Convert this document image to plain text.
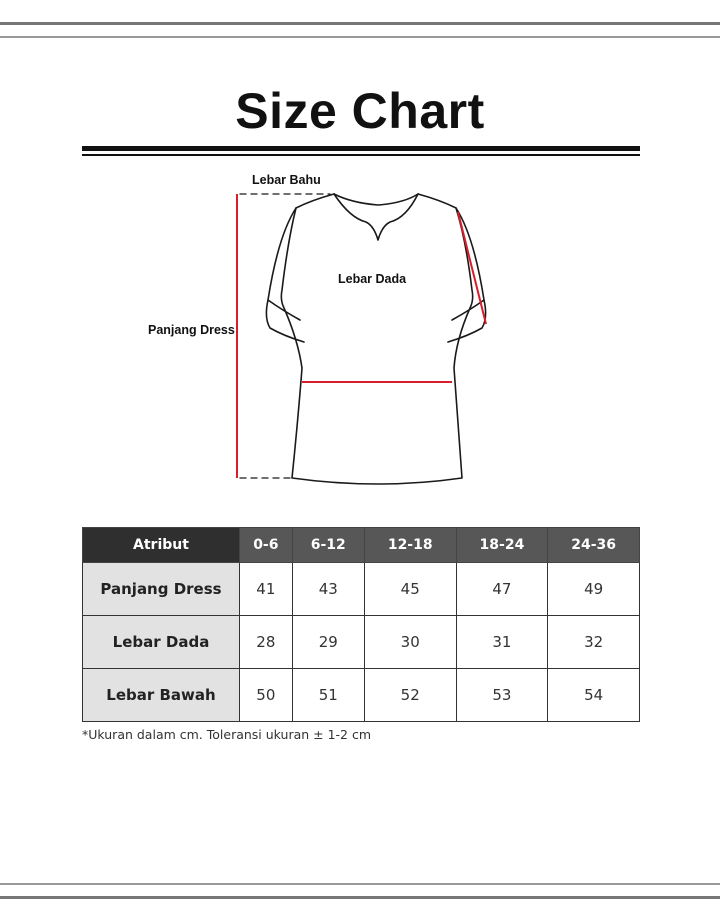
Size Chart
Lebar Bahu
Lebar Dada
Panjang Dress
Atribut	0-6	6-12	12-18	18-24	24-36
Panjang Dress	41	43	45	47	49
Lebar Dada	28	29	30	31	32
Lebar Bawah	50	51	52	53	54
*Ukuran dalam cm. Toleransi ukuran ± 1-2 cm
